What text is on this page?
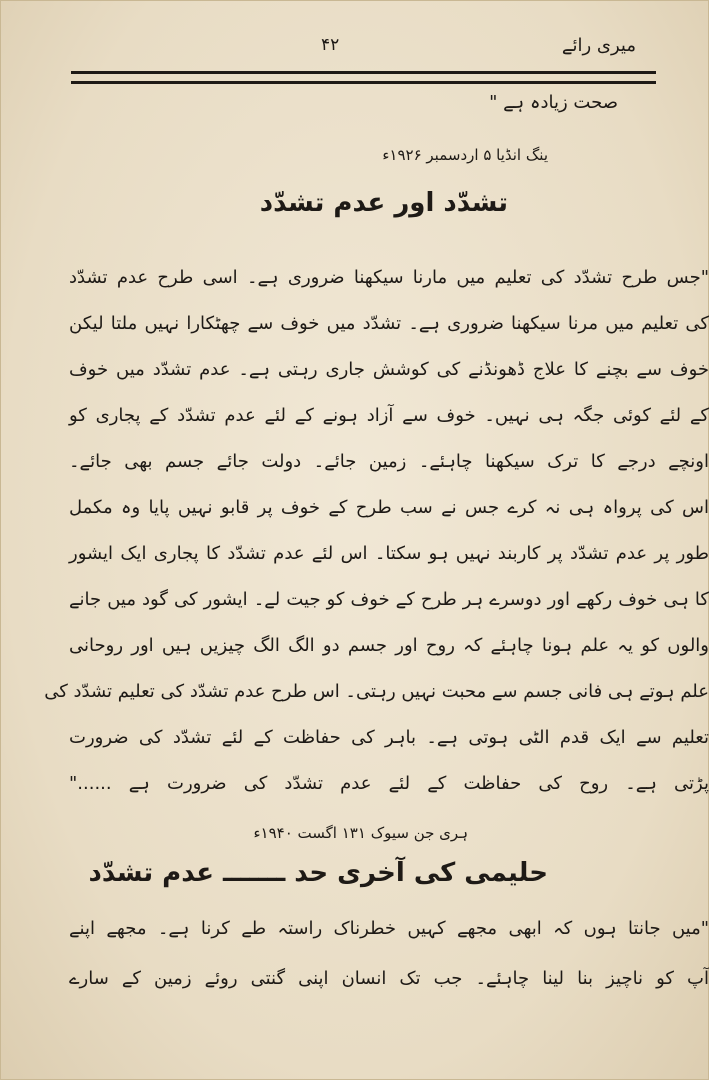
۴۲	میری رائے
صحت زیادہ ہے "
ینگ انڈیا ۵ اردسمبر ۱۹۲۶ء
تشدّد اور عدم تشدّد
"جس طرح تشدّد کی تعلیم میں مارنا سیکھنا ضروری ہے۔ اسی طرح عدم تشدّد
کی تعلیم میں مرنا سیکھنا ضروری ہے۔ تشدّد میں خوف سے چھٹکارا نہیں ملتا لیکن
خوف سے بچنے کا علاج ڈھونڈنے کی کوشش جاری رہتی ہے۔ عدم تشدّد میں خوف
کے لئے کوئی جگہ ہی نہیں۔ خوف سے آزاد ہونے کے لئے عدم تشدّد کے پجاری کو
اونچے درجے کا ترک سیکھنا چاہئے۔ زمین جائے۔ دولت جائے جسم بھی جائے۔
اس کی پرواہ ہی نہ کرے جس نے سب طرح کے خوف پر قابو نہیں پایا وہ مکمل
طور پر عدم تشدّد پر کاربند نہیں ہو سکتا۔ اس لئے عدم تشدّد کا پجاری ایک ایشور
کا ہی خوف رکھے اور دوسرے ہر طرح کے خوف کو جیت لے۔ ایشور کی گود میں جانے
والوں کو یہ علم ہونا چاہئے کہ روح اور جسم دو الگ الگ چیزیں ہیں اور روحانی
علم ہوتے ہی فانی جسم سے محبت نہیں رہتی۔ اس طرح عدم تشدّد کی تعلیم تشدّد کی
تعلیم سے ایک قدم الٹی ہوتی ہے۔ باہر کی حفاظت کے لئے تشدّد کی ضرورت
پڑتی ہے۔ روح کی حفاظت کے لئے عدم تشدّد کی ضرورت ہے ......"
ہری جن سیوک ۱۳۱ اگست ۱۹۴۰ء
حلیمی کی آخری حد ـــــــ عدم تشدّد
"میں جانتا ہوں کہ ابھی مجھے کہیں خطرناک راستہ طے کرنا ہے۔ مجھے اپنے
آپ کو ناچیز بنا لینا چاہئے۔ جب تک انسان اپنی گنتی روئے زمین کے سارے
